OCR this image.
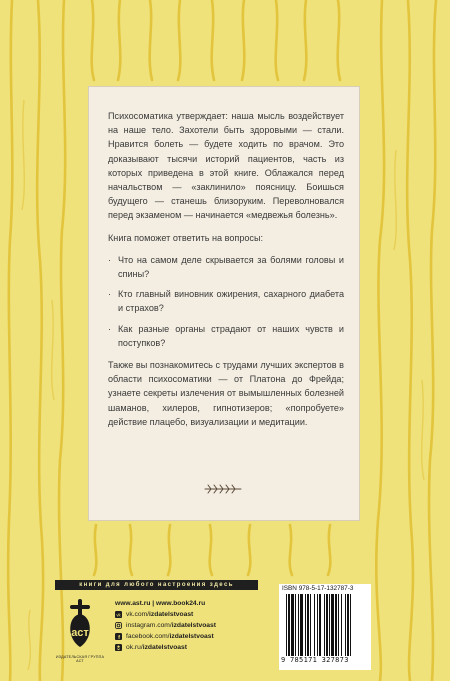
Психосоматика утверждает: наша мысль воздействует на наше тело. Захотели быть здоровыми — стали. Нравится болеть — будете ходить по врачом. Это доказывают тысячи историй пациентов, часть из которых приведена в этой книге. Облажался перед начальством — «заклинило» поясницу. Боишься будущего — станешь близоруким. Переволновался перед экзаменом — начинается «медвежья болезнь».

Книга поможет ответить на вопросы:

· Что на самом деле скрывается за болями головы и спины?
· Кто главный виновник ожирения, сахарного диабета и страхов?
· Как разные органы страдают от наших чувств и поступков?

Также вы познакомитесь с трудами лучших экспертов в области психосоматики — от Платона до Фрейда; узнаете секреты излечения от вымышленных болезней шаманов, хилеров, гипнотизеров; «попробуете» действие плацебо, визуализации и медитации.

книги для любого настроения здесь
аст
ИЗДАТЕЛЬСКАЯ ГРУППА АСТ
www.ast.ru | www.book24.ru
vk vk.com/izdatelstvoast
instagram.com/izdatelstvoast
f facebook.com/izdatelstvoast
ok.ru/izdatelstvoast
ISBN 978-5-17-132787-3
9 785171 327873
